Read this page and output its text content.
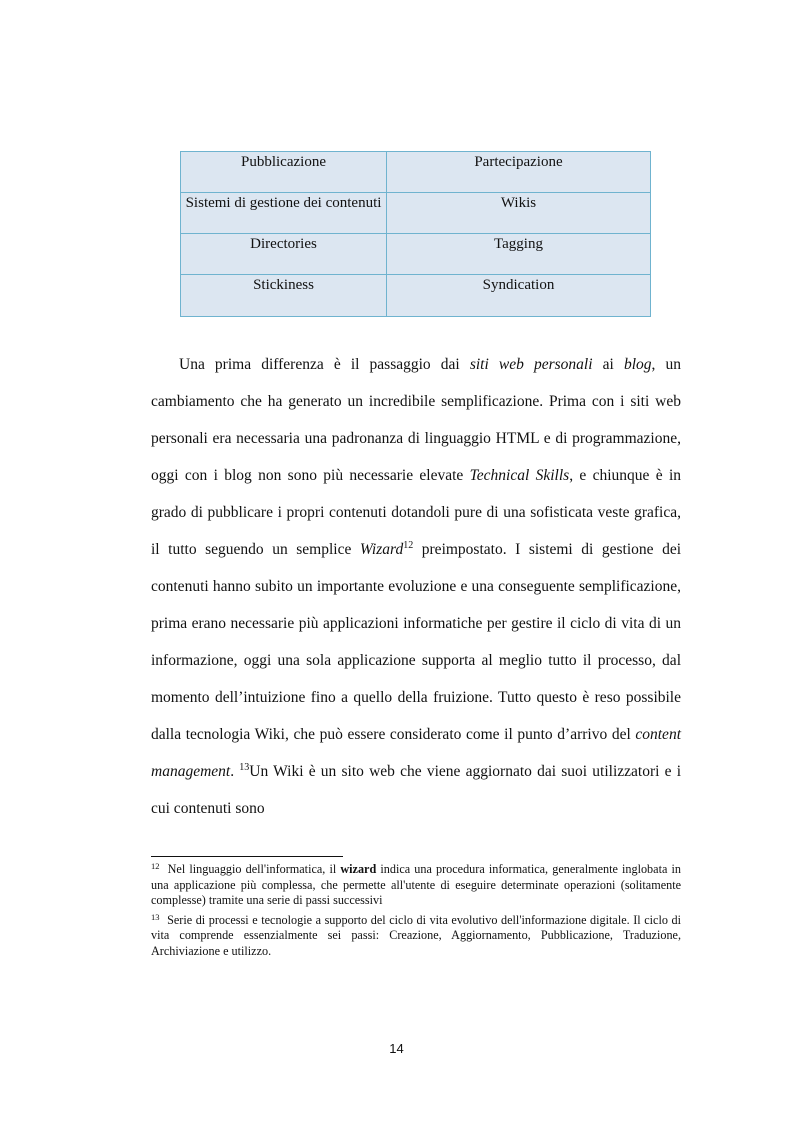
Pubblicazione	Partecipazione
Sistemi di gestione dei contenuti	Wikis
Directories	Tagging
Stickiness	Syndication

Una prima differenza è il passaggio dai siti web personali ai blog, un cambiamento che ha generato un incredibile semplificazione. Prima con i siti web personali era necessaria una padronanza di linguaggio HTML e di programmazione, oggi con i blog non sono più necessarie elevate Technical Skills, e chiunque è in grado di pubblicare i propri contenuti dotandoli pure di una sofisticata veste grafica, il tutto seguendo un semplice Wizard$^{12}$ preimpostato. I sistemi di gestione dei contenuti hanno subito un importante evoluzione e una conseguente semplificazione, prima erano necessarie più applicazioni informatiche per gestire il ciclo di vita di un informazione, oggi una sola applicazione supporta al meglio tutto il processo, dal momento dell’intuizione fino a quello della fruizione. Tutto questo è reso possibile dalla tecnologia Wiki, che può essere considerato come il punto d’arrivo del content management. $^{13}$Un Wiki è un sito web che viene aggiornato dai suoi utilizzatori e i cui contenuti sono

$^{12}$ Nel linguaggio dell'informatica, il wizard indica una procedura informatica, generalmente inglobata in una applicazione più complessa, che permette all'utente di eseguire determinate operazioni (solitamente complesse) tramite una serie di passi successivi

$^{13}$ Serie di processi e tecnologie a supporto del ciclo di vita evolutivo dell'informazione digitale. Il ciclo di vita comprende essenzialmente sei passi: Creazione, Aggiornamento, Pubblicazione, Traduzione, Archiviazione e utilizzo.

14
